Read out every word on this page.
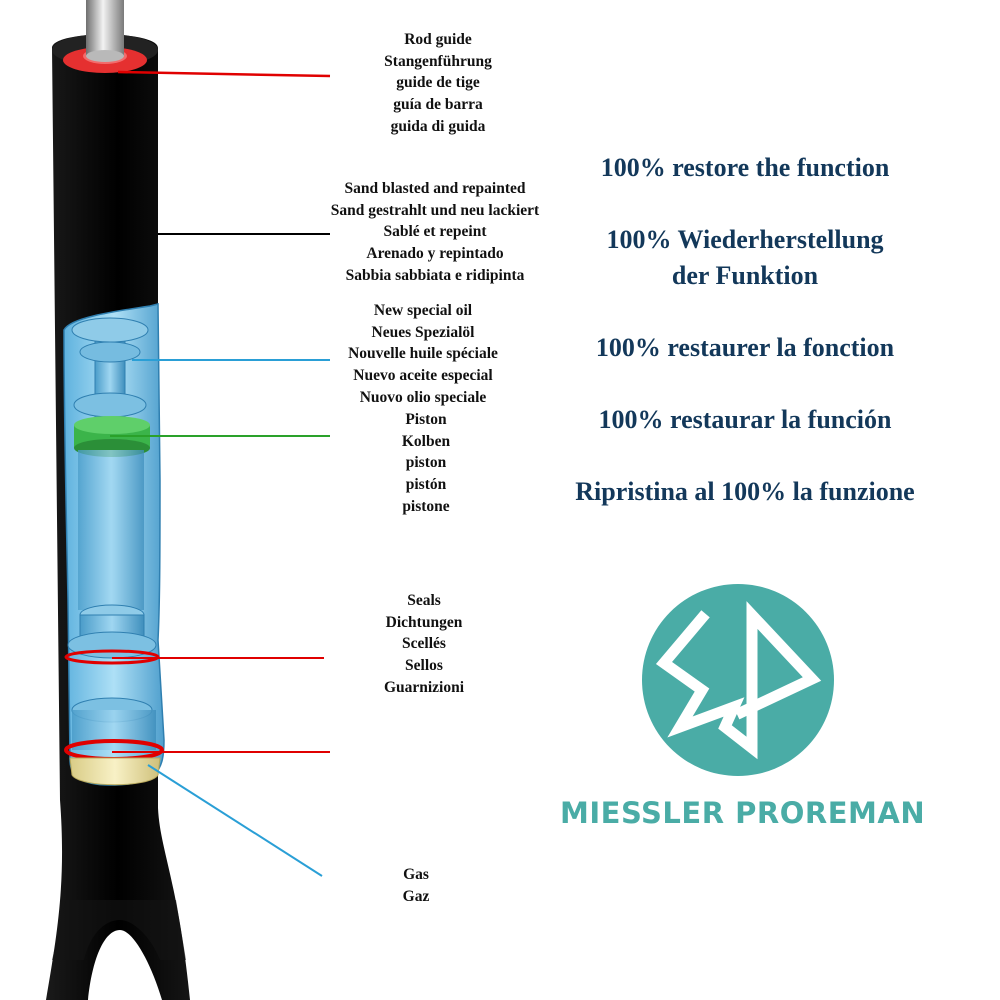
Rod guide
Stangenführung
guide de tige
guía de barra
guida di guida
Sand blasted and repainted
Sand gestrahlt und neu lackiert
Sablé et repeint
Arenado y repintado
Sabbia sabbiata e ridipinta
New special oil
Neues Spezialöl
Nouvelle huile spéciale
Nuevo aceite especial
Nuovo olio speciale
Piston
Kolben
piston
pistón
pistone
Seals
Dichtungen
Scellés
Sellos
Guarnizioni
Gas
Gaz
100% restore the function
100% Wiederherstellung
der Funktion
100% restaurer la fonction
100% restaurar la función
Ripristina al 100% la funzione
MIESSLER PROREMAN
